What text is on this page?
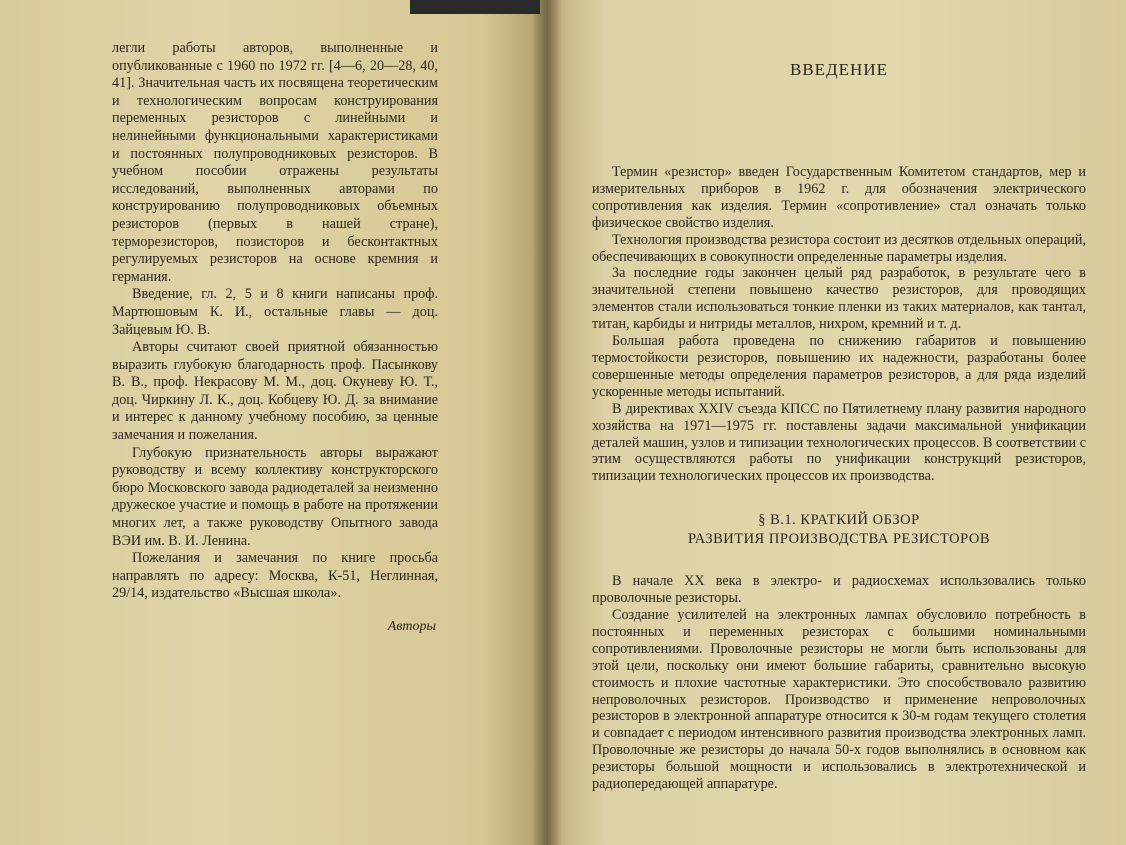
легли работы авторов, выполненные и опубликованные с 1960 по 1972 гг. [4—6, 20—28, 40, 41]. Значительная часть их посвящена теоретическим и технологическим вопросам конструирования переменных резисторов с линейными и нелинейными функциональными характеристиками и постоянных полупроводниковых резисторов. В учебном пособии отражены результаты исследований, выполненных авторами по конструированию полупроводниковых объемных резисторов (первых в нашей стране), терморезисторов, позисторов и бесконтактных регулируемых резисторов на основе кремния и германия.

Введение, гл. 2, 5 и 8 книги написаны проф. Мартюшовым К. И., остальные главы — доц. Зайцевым Ю. В.

Авторы считают своей приятной обязанностью выразить глубокую благодарность проф. Пасынкову В. В., проф. Некрасову М. М., доц. Окуневу Ю. Т., доц. Чиркину Л. К., доц. Кобцеву Ю. Д. за внимание и интерес к данному учебному пособию, за ценные замечания и пожелания.

Глубокую признательность авторы выражают руководству и всему коллективу конструкторского бюро Московского завода радиодеталей за неизменно дружеское участие и помощь в работе на протяжении многих лет, а также руководству Опытного завода ВЭИ им. В. И. Ленина.

Пожелания и замечания по книге просьба направлять по адресу: Москва, К-51, Неглинная, 29/14, издательство «Высшая школа».

Авторы
ВВЕДЕНИЕ

Термин «резистор» введен Государственным Комитетом стандартов, мер и измерительных приборов в 1962 г. для обозначения электрического сопротивления как изделия. Термин «сопротивление» стал означать только физическое свойство изделия.

Технология производства резистора состоит из десятков отдельных операций, обеспечивающих в совокупности определенные параметры изделия.

За последние годы закончен целый ряд разработок, в результате чего в значительной степени повышено качество резисторов, для проводящих элементов стали использоваться тонкие пленки из таких материалов, как тантал, титан, карбиды и нитриды металлов, нихром, кремний и т. д.

Большая работа проведена по снижению габаритов и повышению термостойкости резисторов, повышению их надежности, разработаны более совершенные методы определения параметров резисторов, а для ряда изделий ускоренные методы испытаний.

В директивах XXIV съезда КПСС по Пятилетнему плану развития народного хозяйства на 1971—1975 гг. поставлены задачи максимальной унификации деталей машин, узлов и типизации технологических процессов. В соответствии с этим осуществляются работы по унификации конструкций резисторов, типизации технологических процессов их производства.

§ В.1. КРАТКИЙ ОБЗОР
РАЗВИТИЯ ПРОИЗВОДСТВА РЕЗИСТОРОВ

В начале XX века в электро- и радиосхемах использовались только проволочные резисторы.

Создание усилителей на электронных лампах обусловило потребность в постоянных и переменных резисторах с большими номинальными сопротивлениями. Проволочные резисторы не могли быть использованы для этой цели, поскольку они имеют большие габариты, сравнительно высокую стоимость и плохие частотные характеристики. Это способствовало развитию непроволочных резисторов. Производство и применение непроволочных резисторов в электронной аппаратуре относится к 30-м годам текущего столетия и совпадает с периодом интенсивного развития производства электронных ламп. Проволочные же резисторы до начала 50-х годов выполнялись в основном как резисторы большой мощности и использовались в электротехнической и радиопередающей аппаратуре.
